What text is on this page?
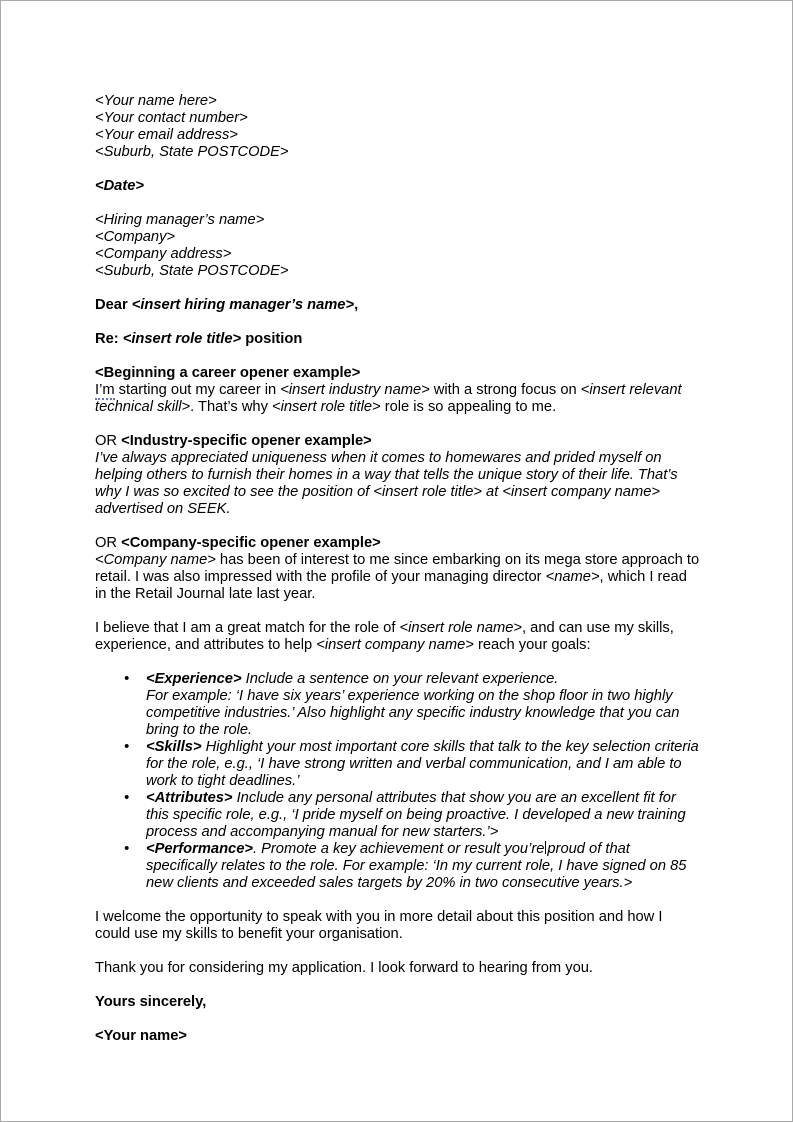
<Your name here>
<Your contact number>
<Your email address>
<Suburb, State POSTCODE>

<Date>

<Hiring manager’s name>
<Company>
<Company address>
<Suburb, State POSTCODE>

Dear <insert hiring manager’s name>,

Re: <insert role title> position

<Beginning a career opener example>
I’m starting out my career in <insert industry name> with a strong focus on <insert relevant technical skill>. That’s why <insert role title> role is so appealing to me.
OR <Industry-specific opener example>
I’ve always appreciated uniqueness when it comes to homewares and prided myself on helping others to furnish their homes in a way that tells the unique story of their life. That’s why I was so excited to see the position of <insert role title> at <insert company name> advertised on SEEK.
OR <Company-specific opener example>
<Company name> has been of interest to me since embarking on its mega store approach to retail. I was also impressed with the profile of your managing director <name>, which I read in the Retail Journal late last year.

I believe that I am a great match for the role of <insert role name>, and can use my skills, experience, and attributes to help <insert company name> reach your goals:

• <Experience> Include a sentence on your relevant experience.
For example: ‘I have six years’ experience working on the shop floor in two highly competitive industries.’ Also highlight any specific industry knowledge that you can bring to the role.
• <Skills> Highlight your most important core skills that talk to the key selection criteria for the role, e.g., ‘I have strong written and verbal communication, and I am able to work to tight deadlines.’
• <Attributes> Include any personal attributes that show you are an excellent fit for this specific role, e.g., ‘I pride myself on being proactive. I developed a new training process and accompanying manual for new starters.’>
• <Performance>. Promote a key achievement or result you’re proud of that specifically relates to the role. For example: ‘In my current role, I have signed on 85 new clients and exceeded sales targets by 20% in two consecutive years.>

I welcome the opportunity to speak with you in more detail about this position and how I could use my skills to benefit your organisation.

Thank you for considering my application. I look forward to hearing from you.

Yours sincerely,

<Your name>
